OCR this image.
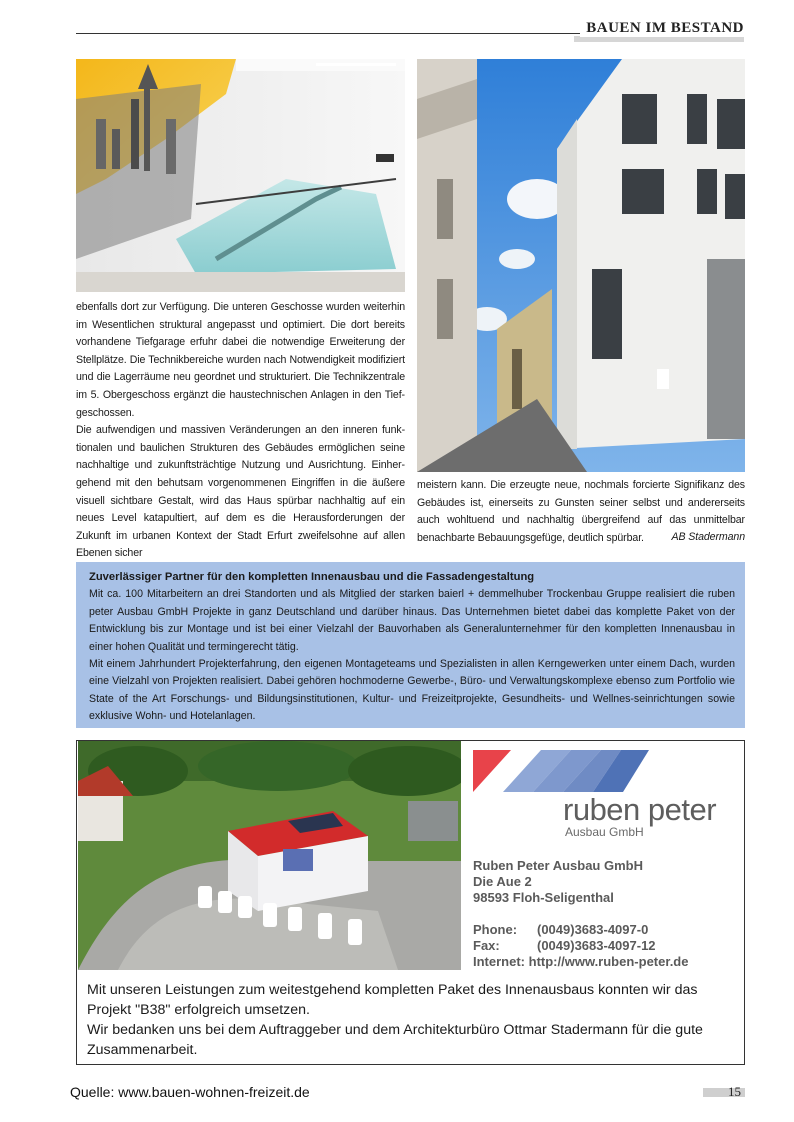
BAUEN IM BESTAND

ebenfalls dort zur Verfügung. Die unteren Geschosse wurden weiterhin im Wesentlichen struktural angepasst und optimiert. Die dort bereits vorhandene Tiefgarage erfuhr dabei die notwendige Erweiterung der Stellplätze. Die Technikbereiche wurden nach Notwendigkeit modifiziert und die Lagerräume neu geordnet und strukturiert. Die Technikzentrale im 5. Obergeschoss ergänzt die haustechnischen Anlagen in den Tief-geschossen.

Die aufwendigen und massiven Veränderungen an den inneren funk-tionalen und baulichen Strukturen des Gebäudes ermöglichen seine nachhaltige und zukunftsträchtige Nutzung und Ausrichtung. Einher-gehend mit den behutsam vorgenommenen Eingriffen in die äußere visuell sichtbare Gestalt, wird das Haus spürbar nachhaltig auf ein neues Level katapultiert, auf dem es die Herausforderungen der Zukunft im urbanen Kontext der Stadt Erfurt zweifelsohne auf allen Ebenen sicher

meistern kann. Die erzeugte neue, nochmals forcierte Signifikanz des Gebäudes ist, einerseits zu Gunsten seiner selbst und andererseits auch wohltuend und nachhaltig übergreifend auf das unmittelbar benachbarte Bebauungsgefüge, deutlich spürbar.	AB Stadermann
Zuverlässiger Partner für den kompletten Innenausbau und die Fassadengestaltung

Mit ca. 100 Mitarbeitern an drei Standorten und als Mitglied der starken baierl + demmelhuber Trockenbau Gruppe realisiert die ruben peter Ausbau GmbH Projekte in ganz Deutschland und darüber hinaus. Das Unternehmen bietet dabei das komplette Paket von der Entwicklung bis zur Montage und ist bei einer Vielzahl der Bauvorhaben als Generalunternehmer für den kompletten Innenausbau in einer hohen Qualität und termingerecht tätig.

Mit einem Jahrhundert Projekterfahrung, den eigenen Montageteams und Spezialisten in allen Kerngewerken unter einem Dach, wurden eine Vielzahl von Projekten realisiert. Dabei gehören hochmoderne Gewerbe-, Büro- und Verwaltungskomplexe ebenso zum Portfolio wie State of the Art Forschungs- und Bildungsinstitutionen, Kultur- und Freizeitprojekte, Gesundheits- und Wellnes-seinrichtungen sowie exklusive Wohn- und Hotelanlagen.

ruben peter
Ausbau GmbH
Ruben Peter Ausbau GmbH
Die Aue 2
98593 Floh-Seligenthal
Phone: (0049)3683-4097-0
Fax:	(0049)3683-4097-12
Internet: http://www.ruben-peter.de

Mit unseren Leistungen zum weitestgehend kompletten Paket des Innenausbaus konnten wir das Projekt "B38" erfolgreich umsetzen.

Wir bedanken uns bei dem Auftraggeber und dem Architekturbüro Ottmar Stadermann für die gute Zusammenarbeit.

Quelle: www.bauen-wohnen-freizeit.de	15
